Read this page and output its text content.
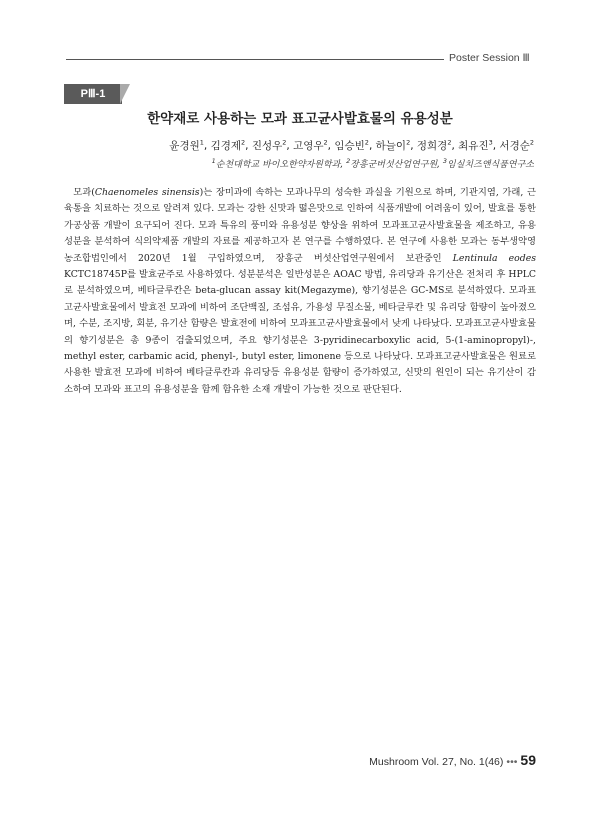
Poster Session Ⅲ
PⅢ-1
한약재로 사용하는 모과 표고균사발효물의 유용성분
윤경원$^1$, 김경제$^2$, 진성우$^2$, 고영우$^2$, 임승빈$^2$, 하늘이$^2$, 정희경$^2$, 최유진$^3$, 서경순$^2$
$^1$순천대학교 바이오한약자원학과, $^2$장흥군버섯산업연구원, $^3$임실치즈앤식품연구소

 모과(Chaenomeles sinensis)는 장미과에 속하는 모과나무의 성숙한 과실을 기원으로 하며, 기관지염, 가래, 근육통을 치료하는 것으로 알려져 있다. 모과는 강한 신맛과 떫은맛으로 인하여 식품개발에 어려움이 있어, 발효를 통한 가공상품 개발이 요구되어 진다. 모과 특유의 풍미와 유용성분 향상을 위하여 모과표고균사발효물을 제조하고, 유용성분을 분석하여 식의약제품 개발의 자료를 제공하고자 본 연구를 수행하였다. 본 연구에 사용한 모과는 동부생약영농조합법인에서 2020년 1월 구입하였으며, 장흥군 버섯산업연구원에서 보관중인 Lentinula eodes KCTC18745P를 발효균주로 사용하였다. 성분분석은 일반성분은 AOAC 방법, 유리당과 유기산은 전처리 후 HPLC로 분석하였으며, 베타글루칸은 beta-glucan assay kit(Megazyme), 향기성분은 GC-MS로 분석하였다. 모과표고균사발효물에서 발효전 모과에 비하여 조단백질, 조섬유, 가용성 무질소물, 베타글루칸 및 유리당 함량이 높아졌으며, 수분, 조지방, 회분, 유기산 함량은 발효전에 비하여 모과표고균사발효물에서 낮게 나타났다. 모과표고균사발효물의 향기성분은 총 9종이 검출되었으며, 주요 향기성분은 3-pyridinecarboxylic acid, 5-(1-aminopropyl)-, methyl ester, carbamic acid, phenyl-, butyl ester, limonene 등으로 나타났다. 모과표고균사발효물은 원료로 사용한 발효전 모과에 비하여 베타글루칸과 유리당등 유용성분 함량이 증가하였고, 신맛의 원인이 되는 유기산이 감소하여 모과와 표고의 유용성분을 함께 함유한 소재 개발이 가능한 것으로 판단된다.

Mushroom Vol. 27, No. 1(46) ••• 59
